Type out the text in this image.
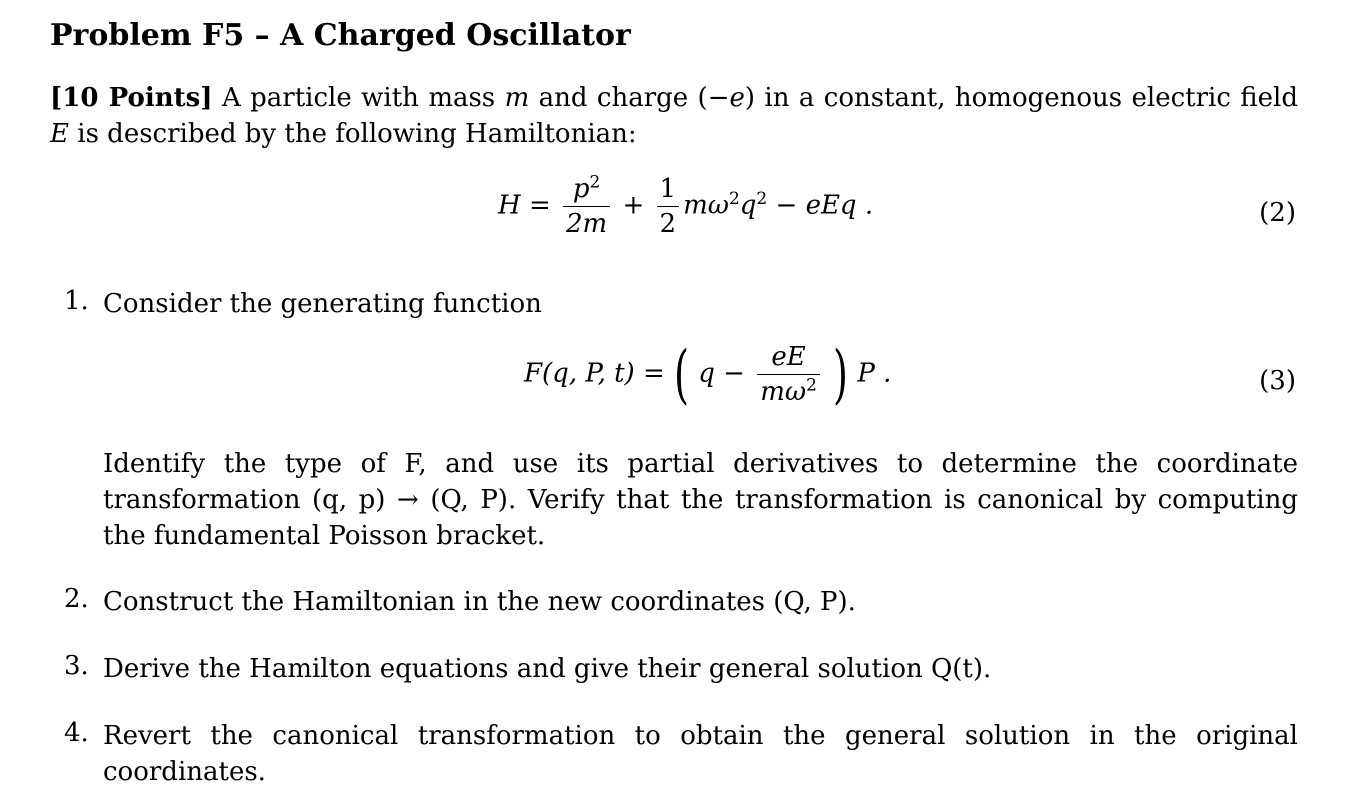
Problem F5 – A Charged Oscillator
[10 Points] A particle with mass m and charge (−e) in a constant, homogenous electric field E is described by the following Hamiltonian:
$H = \frac{p^2}{2m} + \frac{1}{2} m\omega^2q^2$ − eEq .	(2)
1. Consider the generating function
F(q, P, t) = ( $q - \frac{eE}{m\omega^2}$ ) P .	(3)
Identify the type of F, and use its partial derivatives to determine the coordinate transformation (q, p) → (Q, P). Verify that the transformation is canonical by computing the fundamental Poisson bracket.
2. Construct the Hamiltonian in the new coordinates (Q, P).
3. Derive the Hamilton equations and give their general solution Q(t).
4. Revert the canonical transformation to obtain the general solution in the original coordinates.
